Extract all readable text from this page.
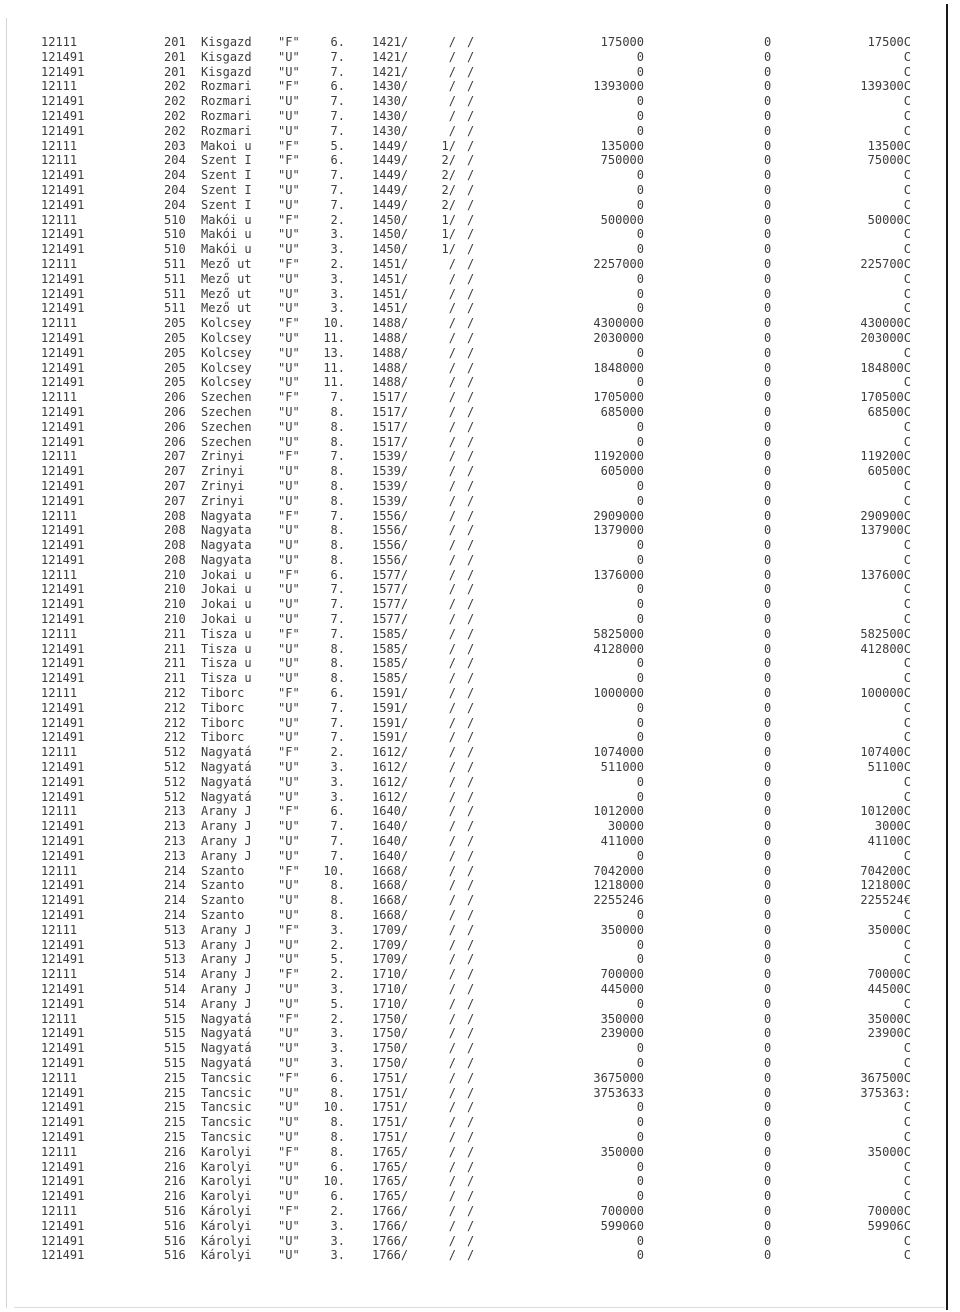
12111	201 Kisgazd "F"	6. 1421/	/ /	175000	0	17500C
121491	201 Kisgazd "U"	7. 1421/	/ /	0	0	C
121491	201 Kisgazd "U"	7. 1421/	/ /	0	0	C
12111	202 Rozmari "F"	6. 1430/	/ /	1393000	0	139300C
121491	202 Rozmari "U"	7. 1430/	/ /	0	0	C
121491	202 Rozmari "U"	7. 1430/	/ /	0	0	C
121491	202 Rozmari "U"	7. 1430/	/ /	0	0	C
12111	203 Makoi u "F"	5. 1449/	1/ /	135000	0	13500C
12111	204 Szent I "F"	6. 1449/	2/ /	750000	0	75000C
121491	204 Szent I "U"	7. 1449/	2/ /	0	0	C
121491	204 Szent I "U"	7. 1449/	2/ /	0	0	C
121491	204 Szent I "U"	7. 1449/	2/ /	0	0	C
12111	510 Makói u "F"	2. 1450/	1/ /	500000	0	50000C
121491	510 Makói u "U"	3. 1450/	1/ /	0	0	C
121491	510 Makói u "U"	3. 1450/	1/ /	0	0	C
12111	511 Mező ut "F"	2. 1451/	/ /	2257000	0	225700C
121491	511 Mező ut "U"	3. 1451/	/ /	0	0	C
121491	511 Mező ut "U"	3. 1451/	/ /	0	0	C
121491	511 Mező ut "U"	3. 1451/	/ /	0	0	C
12111	205 Kolcsey "F"	10. 1488/	/ /	4300000	0	430000C
121491	205 Kolcsey "U"	11. 1488/	/ /	2030000	0	203000C
121491	205 Kolcsey "U"	13. 1488/	/ /	0	0	C
121491	205 Kolcsey "U"	11. 1488/	/ /	1848000	0	184800C
121491	205 Kolcsey "U"	11. 1488/	/ /	0	0	C
12111	206 Szechen "F"	7. 1517/	/ /	1705000	0	170500C
121491	206 Szechen "U"	8. 1517/	/ /	685000	0	68500C
121491	206 Szechen "U"	8. 1517/	/ /	0	0	C
121491	206 Szechen "U"	8. 1517/	/ /	0	0	C
12111	207 Zrinyi	"F"	7. 1539/	/ /	1192000	0	119200C
121491	207 Zrinyi	"U"	8. 1539/	/ /	605000	0	60500C
121491	207 Zrinyi	"U"	8. 1539/	/ /	0	0	C
121491	207 Zrinyi	"U"	8. 1539/	/ /	0	0	C
12111	208 Nagyata "F"	7. 1556/	/ /	2909000	0	290900C
121491	208 Nagyata "U"	8. 1556/	/ /	1379000	0	137900C
121491	208 Nagyata "U"	8. 1556/	/ /	0	0	C
121491	208 Nagyata "U"	8. 1556/	/ /	0	0	C
12111	210 Jokai u "F"	6. 1577/	/ /	1376000	0	137600C
121491	210 Jokai u "U"	7. 1577/	/ /	0	0	C
121491	210 Jokai u "U"	7. 1577/	/ /	0	0	C
121491	210 Jokai u "U"	7. 1577/	/ /	0	0	C
12111	211 Tisza u "F"	7. 1585/	/ /	5825000	0	582500C
121491	211 Tisza u "U"	8. 1585/	/ /	4128000	0	412800C
121491	211 Tisza u "U"	8. 1585/	/ /	0	0	C
121491	211 Tisza u "U"	8. 1585/	/ /	0	0	C
12111	212 Tiborc	"F"	6. 1591/	/ /	1000000	0	100000C
121491	212 Tiborc	"U"	7. 1591/	/ /	0	0	C
121491	212 Tiborc	"U"	7. 1591/	/ /	0	0	C
121491	212 Tiborc	"U"	7. 1591/	/ /	0	0	C
12111	512 Nagyatá "F"	2. 1612/	/ /	1074000	0	107400C
121491	512 Nagyatá "U"	3. 1612/	/ /	511000	0	51100C
121491	512 Nagyatá "U"	3. 1612/	/ /	0	0	C
121491	512 Nagyatá "U"	3. 1612/	/ /	0	0	C
12111	213 Arany J "F"	6. 1640/	/ /	1012000	0	101200C
121491	213 Arany J "U"	7. 1640/	/ /	30000	0	3000C
121491	213 Arany J "U"	7. 1640/	/ /	411000	0	41100C
121491	213 Arany J "U"	7. 1640/	/ /	0	0	C
12111	214 Szanto	"F"	10. 1668/	/ /	7042000	0	704200C
121491	214 Szanto	"U"	8. 1668/	/ /	1218000	0	121800C
121491	214 Szanto	"U"	8. 1668/	/ /	2255246	0	225524€
121491	214 Szanto	"U"	8. 1668/	/ /	0	0	C
12111	513 Arany J "F"	3. 1709/	/ /	350000	0	35000C
121491	513 Arany J "U"	2. 1709/	/ /	0	0	C
121491	513 Arany J "U"	5. 1709/	/ /	0	0	C
12111	514 Arany J "F"	2. 1710/	/ /	700000	0	70000C
121491	514 Arany J "U"	3. 1710/	/ /	445000	0	44500C
121491	514 Arany J "U"	5. 1710/	/ /	0	0	C
12111	515 Nagyatá "F"	2. 1750/	/ /	350000	0	35000C
121491	515 Nagyatá "U"	3. 1750/	/ /	239000	0	23900C
121491	515 Nagyatá "U"	3. 1750/	/ /	0	0	C
121491	515 Nagyatá "U"	3. 1750/	/ /	0	0	C
12111	215 Tancsic "F"	6. 1751/	/ /	3675000	0	367500C
121491	215 Tancsic "U"	8. 1751/	/ /	3753633	0	375363:
121491	215 Tancsic "U"	10. 1751/	/ /	0	0	C
121491	215 Tancsic "U"	8. 1751/	/ /	0	0	C
121491	215 Tancsic "U"	8. 1751/	/ /	0	0	C
12111	216 Karolyi "F"	8. 1765/	/ /	350000	0	35000C
121491	216 Karolyi "U"	6. 1765/	/ /	0	0	C
121491	216 Karolyi "U"	10. 1765/	/ /	0	0	C
121491	216 Karolyi "U"	6. 1765/	/ /	0	0	C
12111	516 Károlyi "F"	2. 1766/	/ /	700000	0	70000C
121491	516 Károlyi "U"	3. 1766/	/ /	599060	0	59906C
121491	516 Károlyi "U"	3. 1766/	/ /	0	0	C
121491	516 Károlyi "U"	3. 1766/	/ /	0	0	C
